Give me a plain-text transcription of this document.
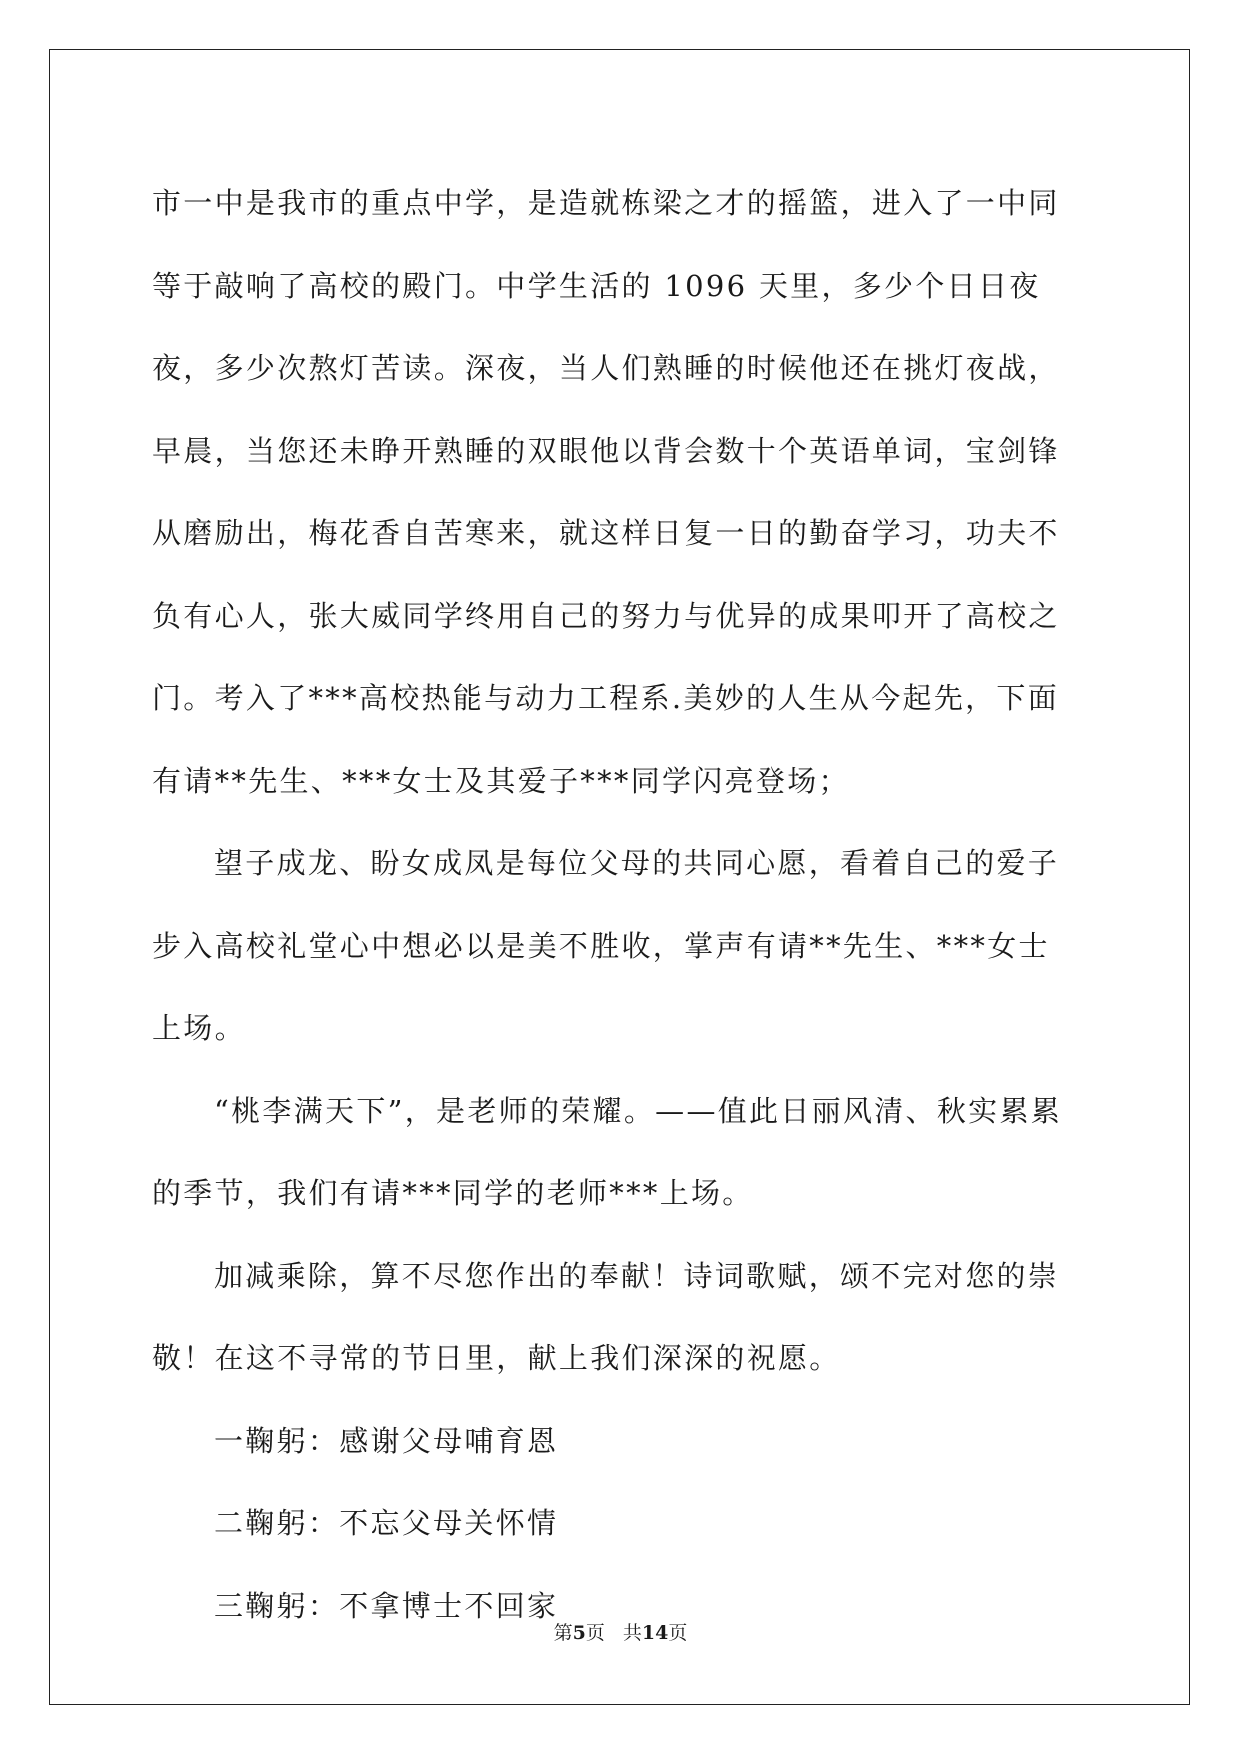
市一中是我市的重点中学，是造就栋梁之才的摇篮，进入了一中同等于敲响了高校的殿门。中学生活的 1096 天里，多少个日日夜夜，多少次熬灯苦读。深夜，当人们熟睡的时候他还在挑灯夜战，早晨，当您还未睁开熟睡的双眼他以背会数十个英语单词，宝剑锋从磨励出，梅花香自苦寒来，就这样日复一日的勤奋学习，功夫不负有心人，张大威同学终用自己的努力与优异的成果叩开了高校之门。考入了***高校热能与动力工程系.美妙的人生从今起先，下面有请**先生、***女士及其爱子***同学闪亮登场；

望子成龙、盼女成凤是每位父母的共同心愿，看着自己的爱子步入高校礼堂心中想必以是美不胜收，掌声有请**先生、***女士上场。

“桃李满天下”，是老师的荣耀。——值此日丽风清、秋实累累的季节，我们有请***同学的老师***上场。

加减乘除，算不尽您作出的奉献！诗词歌赋，颂不完对您的崇敬！在这不寻常的节日里，献上我们深深的祝愿。

一鞠躬：感谢父母哺育恩

二鞠躬：不忘父母关怀情

三鞠躬：不拿博士不回家

第5页 共14页
